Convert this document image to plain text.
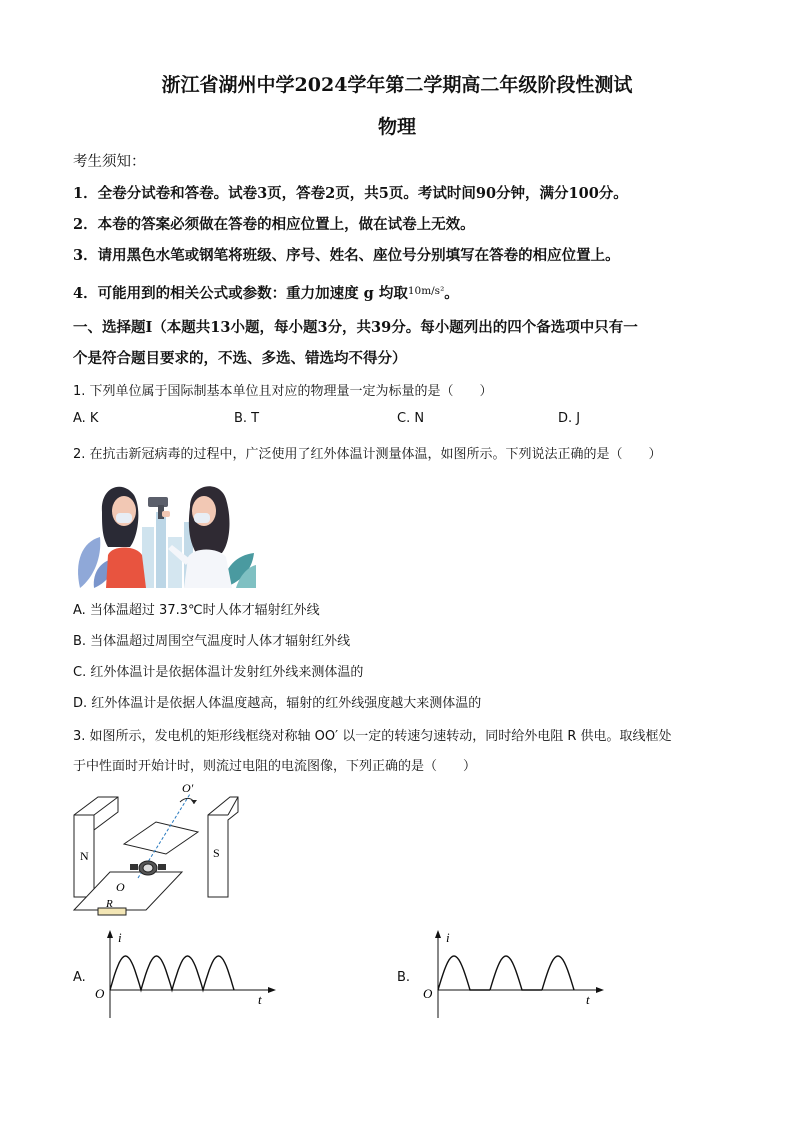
浙江省湖州中学2024学年第二学期高二年级阶段性测试
物理
考生须知：
1．全卷分试卷和答卷。试卷3页，答卷2页，共5页。考试时间90分钟，满分100分。
2．本卷的答案必须做在答卷的相应位置上，做在试卷上无效。
3．请用黑色水笔或钢笔将班级、序号、姓名、座位号分别填写在答卷的相应位置上。
4．可能用到的相关公式或参数：重力加速度 g 均取$^{10m/s^2}$。
一、选择题Ⅰ（本题共13小题，每小题3分，共39分。每小题列出的四个备选项中只有一
个是符合题目要求的，不选、多选、错选均不得分）
1. 下列单位属于国际制基本单位且对应的物理量一定为标量的是（　　）
A. K	B. T	C. N	D. J
2. 在抗击新冠病毒的过程中，广泛使用了红外体温计测量体温，如图所示。下列说法正确的是（　　）
A. 当体温超过 37.3℃时人体才辐射红外线
B. 当体温超过周围空气温度时人体才辐射红外线
C. 红外体温计是依据体温计发射红外线来测体温的
D. 红外体温计是依据人体温度越高，辐射的红外线强度越大来测体温的
3. 如图所示，发电机的矩形线框绕对称轴 OO′ 以一定的转速匀速转动，同时给外电阻 R 供电。取线框处
于中性面时开始计时，则流过电阻的电流图像，下列正确的是（　　）
N	S
O′
O
R
A.
i
t
O
B.
i
t
O
